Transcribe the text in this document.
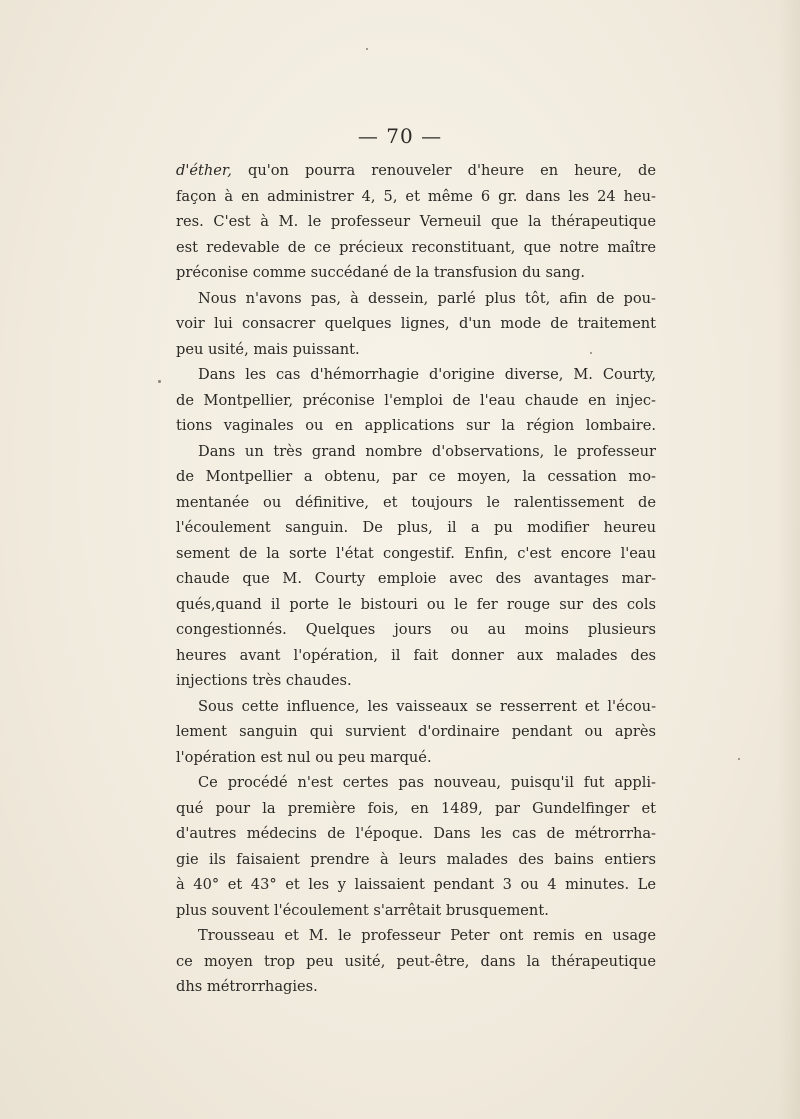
— 70 —
d'éther, qu'on pourra renouveler d'heure en heure, de
façon à en administrer 4, 5, et même 6 gr. dans les 24 heu-
res. C'est à M. le professeur Verneuil que la thérapeutique
est redevable de ce précieux reconstituant, que notre maître
préconise comme succédané de la transfusion du sang.
Nous n'avons pas, à dessein, parlé plus tôt, afin de pou-
voir lui consacrer quelques lignes, d'un mode de traitement
peu usité, mais puissant.
Dans les cas d'hémorrhagie d'origine diverse, M. Courty,
de Montpellier, préconise l'emploi de l'eau chaude en injec-
tions vaginales ou en applications sur la région lombaire.
Dans un très grand nombre d'observations, le professeur
de Montpellier a obtenu, par ce moyen, la cessation mo-
mentanée ou définitive, et toujours le ralentissement de
l'écoulement sanguin. De plus, il a pu modifier heureu
sement de la sorte l'état congestif. Enfin, c'est encore l'eau
chaude que M. Courty emploie avec des avantages mar-
qués,quand il porte le bistouri ou le fer rouge sur des cols
congestionnés. Quelques jours ou au moins plusieurs
heures avant l'opération, il fait donner aux malades des
injections très chaudes.
Sous cette influence, les vaisseaux se resserrent et l'écou-
lement sanguin qui survient d'ordinaire pendant ou après
l'opération est nul ou peu marqué.
Ce procédé n'est certes pas nouveau, puisqu'il fut appli-
qué pour la première fois, en 1489, par Gundelfinger et
d'autres médecins de l'époque. Dans les cas de métrorrha-
gie ils faisaient prendre à leurs malades des bains entiers
à 40° et 43° et les y laissaient pendant 3 ou 4 minutes. Le
plus souvent l'écoulement s'arrêtait brusquement.
Trousseau et M. le professeur Peter ont remis en usage
ce moyen trop peu usité, peut-être, dans la thérapeutique
dhs métrorrhagies.
